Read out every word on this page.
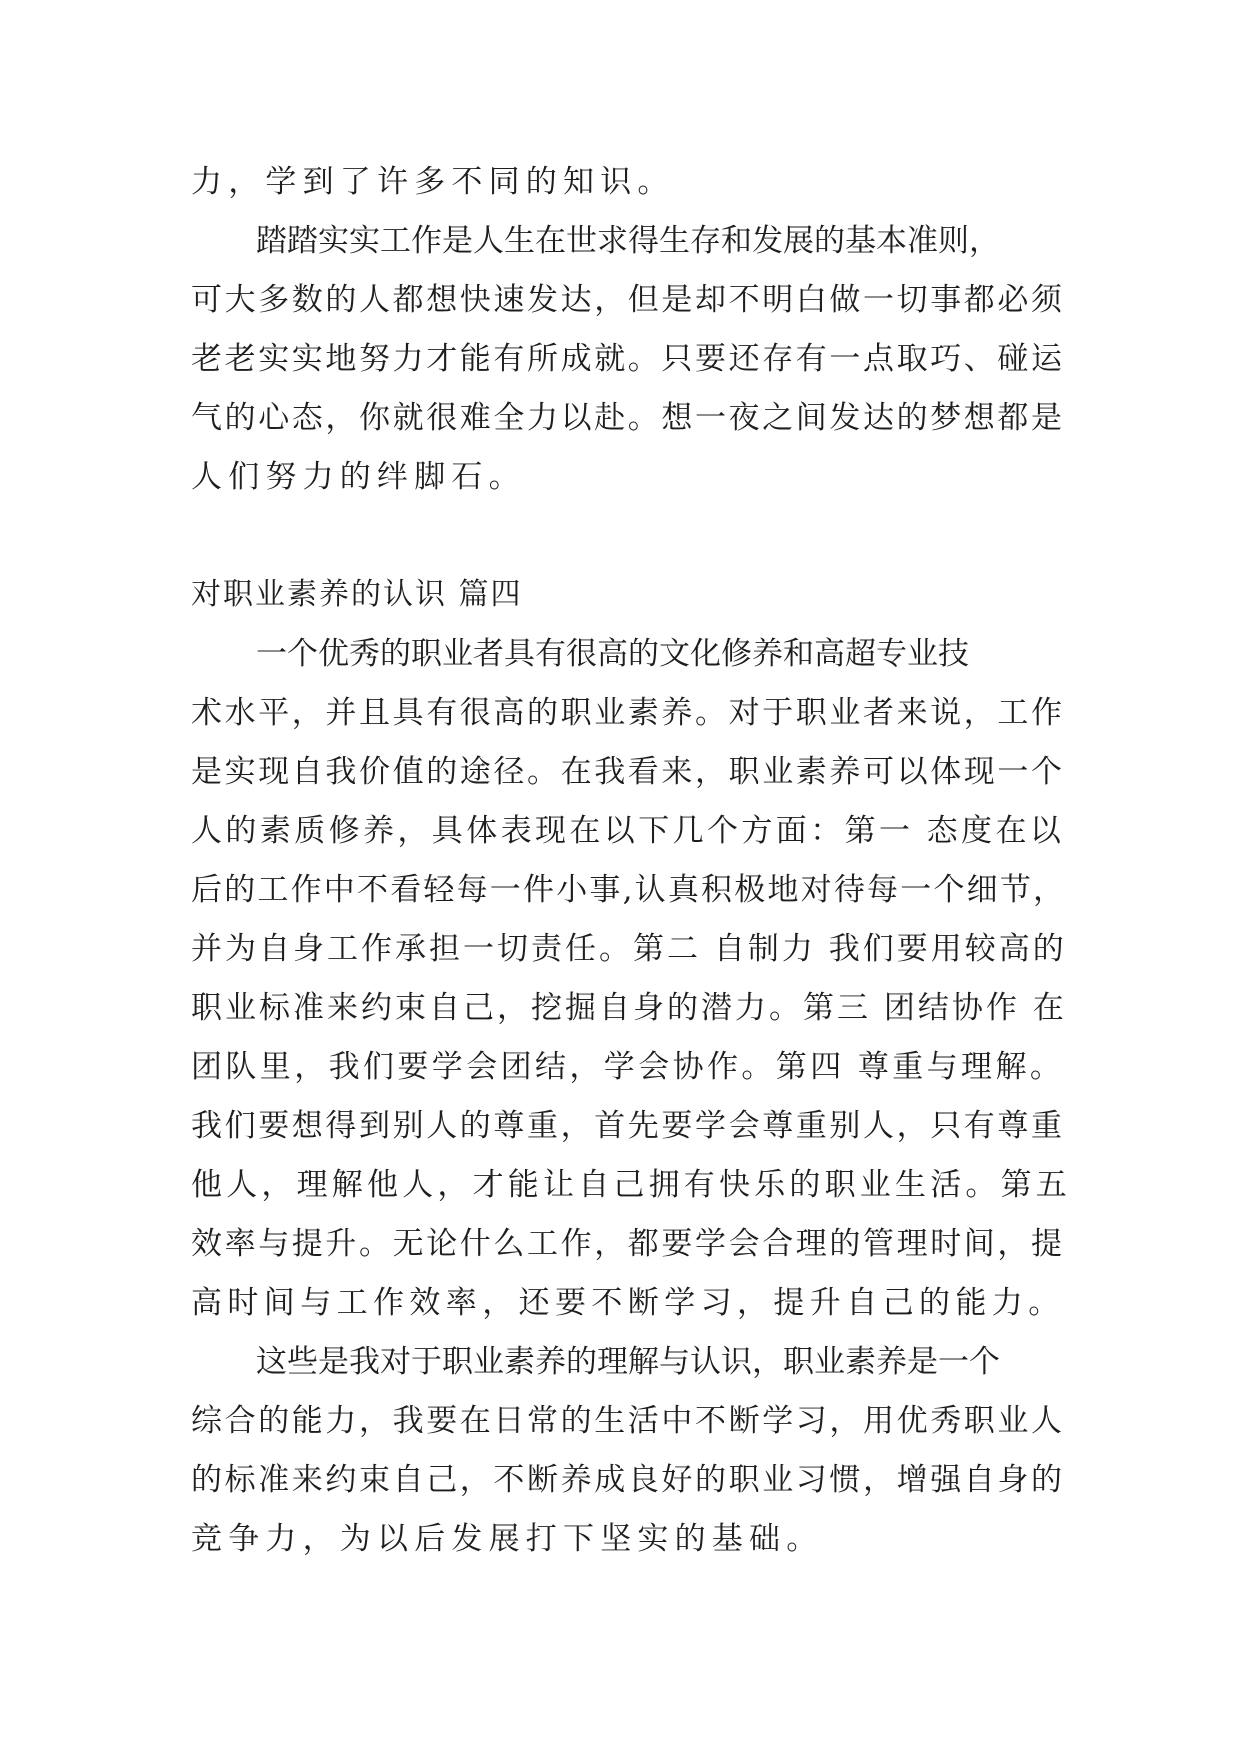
力，学到了许多不同的知识。
踏踏实实工作是人生在世求得生存和发展的基本准则，
可大多数的人都想快速发达，但是却不明白做一切事都必须
老老实实地努力才能有所成就。只要还存有一点取巧、碰运
气的心态，你就很难全力以赴。想一夜之间发达的梦想都是
人们努力的绊脚石。
对职业素养的认识 篇四
一个优秀的职业者具有很高的文化修养和高超专业技
术水平，并且具有很高的职业素养。对于职业者来说，工作
是实现自我价值的途径。在我看来，职业素养可以体现一个
人的素质修养，具体表现在以下几个方面：第一 态度在以
后的工作中不看轻每一件小事,认真积极地对待每一个细节，
并为自身工作承担一切责任。第二 自制力 我们要用较高的
职业标准来约束自己，挖掘自身的潜力。第三 团结协作 在
团队里，我们要学会团结，学会协作。第四 尊重与理解。
我们要想得到别人的尊重，首先要学会尊重别人，只有尊重
他人，理解他人，才能让自己拥有快乐的职业生活。第五
效率与提升。无论什么工作，都要学会合理的管理时间，提
高时间与工作效率，还要不断学习，提升自己的能力。
这些是我对于职业素养的理解与认识，职业素养是一个
综合的能力，我要在日常的生活中不断学习，用优秀职业人
的标准来约束自己，不断养成良好的职业习惯，增强自身的
竞争力，为以后发展打下坚实的基础。
